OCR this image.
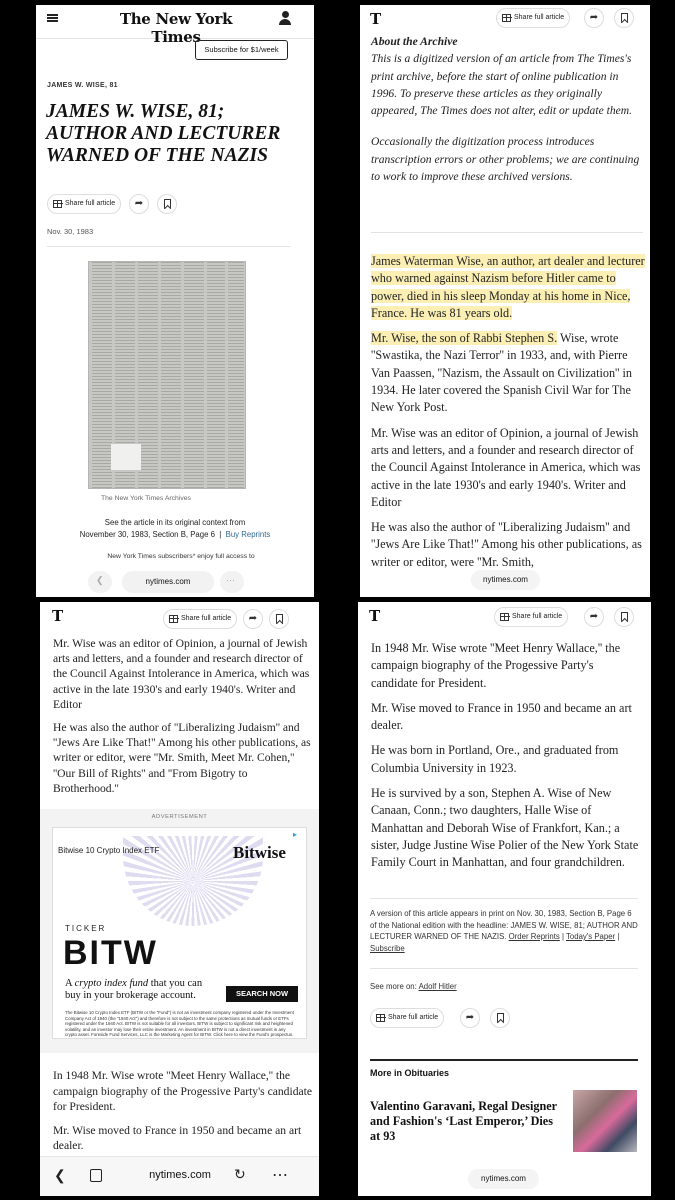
The New York Times
Subscribe for $1/week
JAMES W. WISE, 81
JAMES W. WISE, 81; AUTHOR AND LECTURER WARNED OF THE NAZIS
Share full article	➦
Nov. 30, 1983
The New York Times Archives
See the article in its original context from
November 30, 1983, Section B, Page 6  |  Buy Reprints
New York Times subscribers* enjoy full access to
❮	nytimes.com	⋯
T	Share full article	➦
About the Archive

This is a digitized version of an article from The Times's print archive, before the start of online publication in 1996. To preserve these articles as they originally appeared, The Times does not alter, edit or update them.

Occasionally the digitization process introduces transcription errors or other problems; we are continuing to work to improve these archived versions.

James Waterman Wise, an author, art dealer and lecturer who warned against Nazism before Hitler came to power, died in his sleep Monday at his home in Nice, France. He was 81 years old.

Mr. Wise, the son of Rabbi Stephen S. Wise, wrote ''Swastika, the Nazi Terror'' in 1933, and, with Pierre Van Paassen, ''Nazism, the Assault on Civilization'' in 1934. He later covered the Spanish Civil War for The New York Post.

Mr. Wise was an editor of Opinion, a journal of Jewish arts and letters, and a founder and research director of the Council Against Intolerance in America, which was active in the late 1930's and early 1940's. Writer and Editor

He was also the author of ''Liberalizing Judaism'' and ''Jews Are Like That!'' Among his other publications, as writer or editor, were ''Mr. Smith,

nytimes.com
T	Share full article	➦

Mr. Wise was an editor of Opinion, a journal of Jewish arts and letters, and a founder and research director of the Council Against Intolerance in America, which was active in the late 1930's and early 1940's. Writer and Editor

He was also the author of ''Liberalizing Judaism'' and ''Jews Are Like That!'' Among his other publications, as writer or editor, were ''Mr. Smith, Meet Mr. Cohen,'' ''Our Bill of Rights'' and ''From Bigotry to Brotherhood.''

ADVERTISEMENT
Bitwise 10 Crypto Index ETF	Bitwise
▸
TICKER
BITW
A crypto index fund that you can buy in your brokerage account.	SEARCH NOW
The Bitwise 10 Crypto Index ETF (BITW or the "Fund") is not an investment company registered under the Investment Company Act of 1940 (the "1940 Act") and therefore is not subject to the same protections as mutual funds or ETFs registered under the 1940 Act. BITW is not suitable for all investors. BITW is subject to significant risk and heightened volatility, and an investor may lose their entire investment. An investment in BITW is not a direct investment in any crypto asset. Foreside Fund Services, LLC is the Marketing Agent for BITW. Click here to view the Fund's prospectus.

In 1948 Mr. Wise wrote ''Meet Henry Wallace,'' the campaign biography of the Progessive Party's candidate for President.

Mr. Wise moved to France in 1950 and became an art dealer.

❮	nytimes.com	↻ ⋯
T	Share full article	➦

In 1948 Mr. Wise wrote ''Meet Henry Wallace,'' the campaign biography of the Progessive Party's candidate for President.

Mr. Wise moved to France in 1950 and became an art dealer.

He was born in Portland, Ore., and graduated from Columbia University in 1923.

He is survived by a son, Stephen A. Wise of New Canaan, Conn.; two daughters, Halle Wise of Manhattan and Deborah Wise of Frankfort, Kan.; a sister, Judge Justine Wise Polier of the New York State Family Court in Manhattan, and four grandchildren.

A version of this article appears in print on Nov. 30, 1983, Section B, Page 6 of the National edition with the headline: JAMES W. WISE, 81; AUTHOR AND LECTURER WARNED OF THE NAZIS. Order Reprints | Today's Paper | Subscribe
See more on: Adolf Hitler
Share full article	➦
More in Obituaries
Valentino Garavani, Regal Designer and Fashion's ‘Last Emperor,’ Dies at 93
nytimes.com
